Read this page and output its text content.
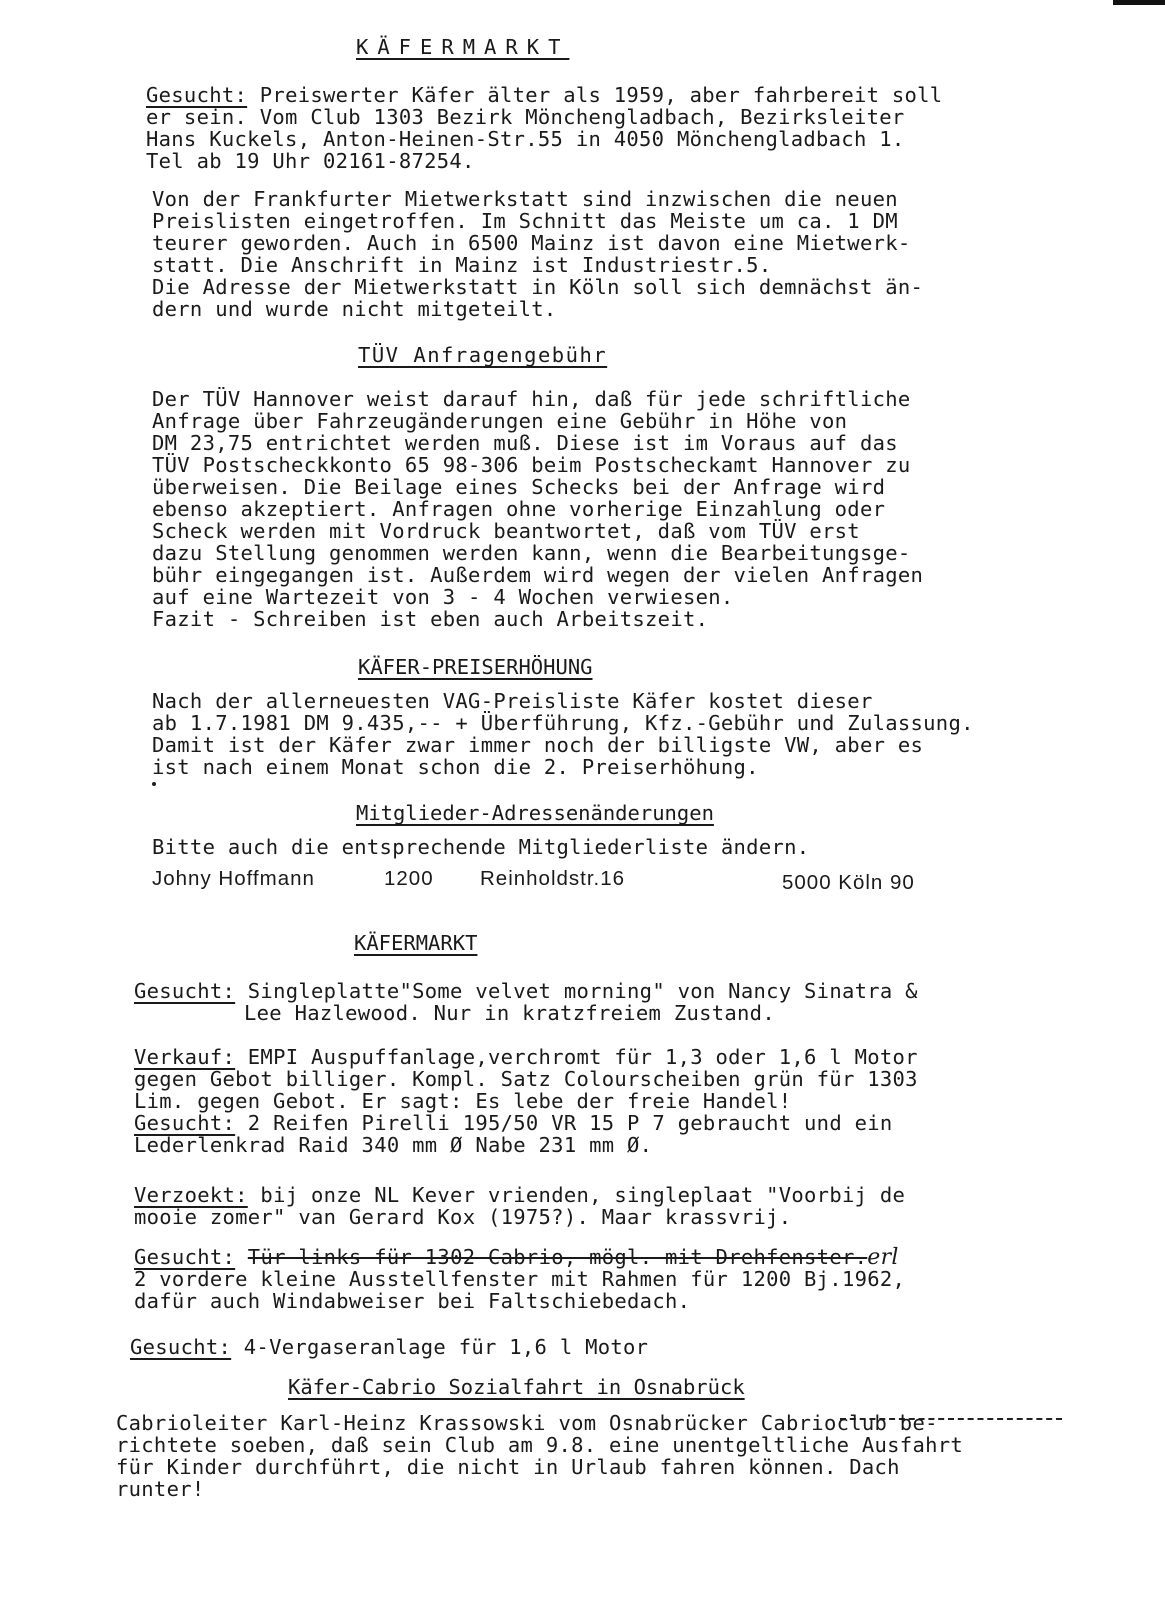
KÄFERMARKT
Gesucht: Preiswerter Käfer älter als 1959, aber fahrbereit soll
er sein. Vom Club 1303 Bezirk Mönchengladbach, Bezirksleiter
Hans Kuckels, Anton-Heinen-Str.55 in 4050 Mönchengladbach 1.
Tel ab 19 Uhr 02161-87254.
Von der Frankfurter Mietwerkstatt sind inzwischen die neuen
Preislisten eingetroffen. Im Schnitt das Meiste um ca. 1 DM
teurer geworden. Auch in 6500 Mainz ist davon eine Mietwerk-
statt. Die Anschrift in Mainz ist Industriestr.5.
Die Adresse der Mietwerkstatt in Köln soll sich demnächst än-
dern und wurde nicht mitgeteilt.
TÜV Anfragengebühr
Der TÜV Hannover weist darauf hin, daß für jede schriftliche
Anfrage über Fahrzeugänderungen eine Gebühr in Höhe von
DM 23,75 entrichtet werden muß. Diese ist im Voraus auf das
TÜV Postscheckkonto 65 98-306 beim Postscheckamt Hannover zu
überweisen. Die Beilage eines Schecks bei der Anfrage wird
ebenso akzeptiert. Anfragen ohne vorherige Einzahlung oder
Scheck werden mit Vordruck beantwortet, daß vom TÜV erst
dazu Stellung genommen werden kann, wenn die Bearbeitungsge-
bühr eingegangen ist. Außerdem wird wegen der vielen Anfragen
auf eine Wartezeit von 3 - 4 Wochen verwiesen.
Fazit - Schreiben ist eben auch Arbeitszeit.
KÄFER-PREISERHÖHUNG
Nach der allerneuesten VAG-Preisliste Käfer kostet dieser
ab 1.7.1981 DM 9.435,-- + Überführung, Kfz.-Gebühr und Zulassung.
Damit ist der Käfer zwar immer noch der billigste VW, aber es
ist nach einem Monat schon die 2. Preiserhöhung.
Mitglieder-Adressenänderungen
Bitte auch die entsprechende Mitgliederliste ändern.
Johny Hoffmann	1200 Reinholdstr.16	5000 Köln 90
KÄFERMARKT
Gesucht: Singleplatte"Some velvet morning" von Nancy Sinatra &
Lee Hazlewood. Nur in kratzfreiem Zustand.
Verkauf: EMPI Auspuffanlage,verchromt für 1,3 oder 1,6 l Motor
gegen Gebot billiger. Kompl. Satz Colourscheiben grün für 1303
Lim. gegen Gebot. Er sagt: Es lebe der freie Handel!
Gesucht: 2 Reifen Pirelli 195/50 VR 15 P 7 gebraucht und ein
Lederlenkrad Raid 340 mm Ø Nabe 231 mm Ø.
Verzoekt: bij onze NL Kever vrienden, singleplaat "Voorbij de
mooie zomer" van Gerard Kox (1975?). Maar krassvrij.
Gesucht: Tür links für 1302 Cabrio, mögl. mit Drehfenster.erl
2 vordere kleine Ausstellfenster mit Rahmen für 1200 Bj.1962,
dafür auch Windabweiser bei Faltschiebedach.
Gesucht: 4-Vergaseranlage für 1,6 l Motor
Käfer-Cabrio Sozialfahrt in Osnabrück
Cabrioleiter Karl-Heinz Krassowski vom Osnabrücker Cabrioclub be-
richtete soeben, daß sein Club am 9.8. eine unentgeltliche Ausfahrt
für Kinder durchführt, die nicht in Urlaub fahren können. Dach
runter!
